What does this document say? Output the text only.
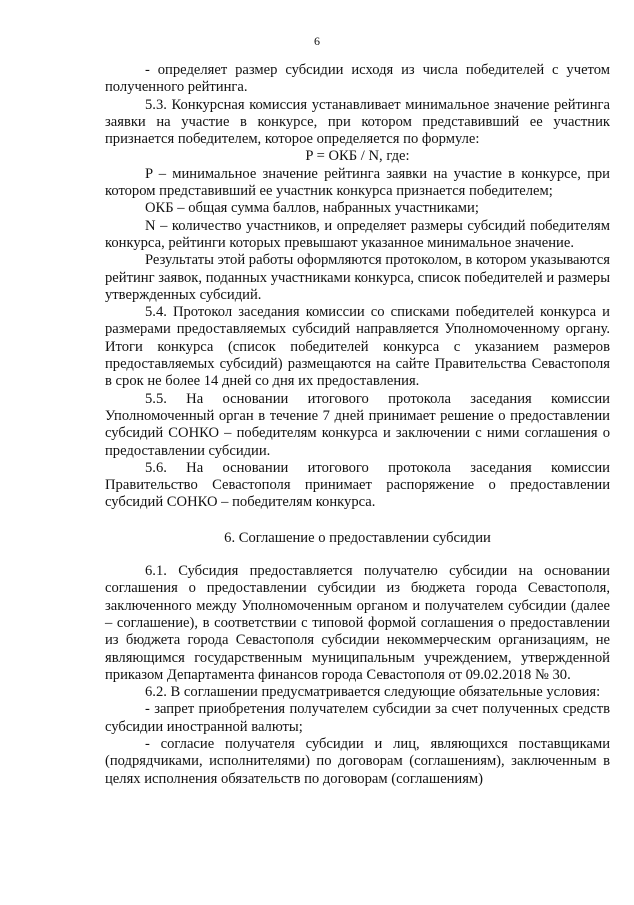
6

- определяет размер субсидии исходя из числа победителей с учетом полученного рейтинга.

5.3. Конкурсная комиссия устанавливает минимальное значение рейтинга заявки на участие в конкурсе, при котором представивший ее участник признается победителем, которое определяется по формуле:

P = ОКБ / N, где:

P – минимальное значение рейтинга заявки на участие в конкурсе, при котором представивший ее участник конкурса признается победителем;

ОКБ – общая сумма баллов, набранных участниками;

N – количество участников, и определяет размеры субсидий победителям конкурса, рейтинги которых превышают указанное минимальное значение.

Результаты этой работы оформляются протоколом, в котором указываются рейтинг заявок, поданных участниками конкурса, список победителей и размеры утвержденных субсидий.

5.4. Протокол заседания комиссии со списками победителей конкурса и размерами предоставляемых субсидий направляется Уполномоченному органу. Итоги конкурса (список победителей конкурса с указанием размеров предоставляемых субсидий) размещаются на сайте Правительства Севастополя в срок не более 14 дней со дня их предоставления.

5.5. На основании итогового протокола заседания комиссии Уполномоченный орган в течение 7 дней принимает решение о предоставлении субсидий СОНКО – победителям конкурса и заключении с ними соглашения о предоставлении субсидии.

5.6. На основании итогового протокола заседания комиссии Правительство Севастополя принимает распоряжение о предоставлении субсидий СОНКО – победителям конкурса.

6. Соглашение о предоставлении субсидии

6.1. Субсидия предоставляется получателю субсидии на основании соглашения о предоставлении субсидии из бюджета города Севастополя, заключенного между Уполномоченным органом и получателем субсидии (далее – соглашение), в соответствии с типовой формой соглашения о предоставлении из бюджета города Севастополя субсидии некоммерческим организациям, не являющимся государственным муниципальным учреждением, утвержденной приказом Департамента финансов города Севастополя от 09.02.2018 № 30.

6.2. В соглашении предусматривается следующие обязательные условия:

- запрет приобретения получателем субсидии за счет полученных средств субсидии иностранной валюты;

- согласие получателя субсидии и лиц, являющихся поставщиками (подрядчиками, исполнителями) по договорам (соглашениям), заключенным в целях исполнения обязательств по договорам (соглашениям)
